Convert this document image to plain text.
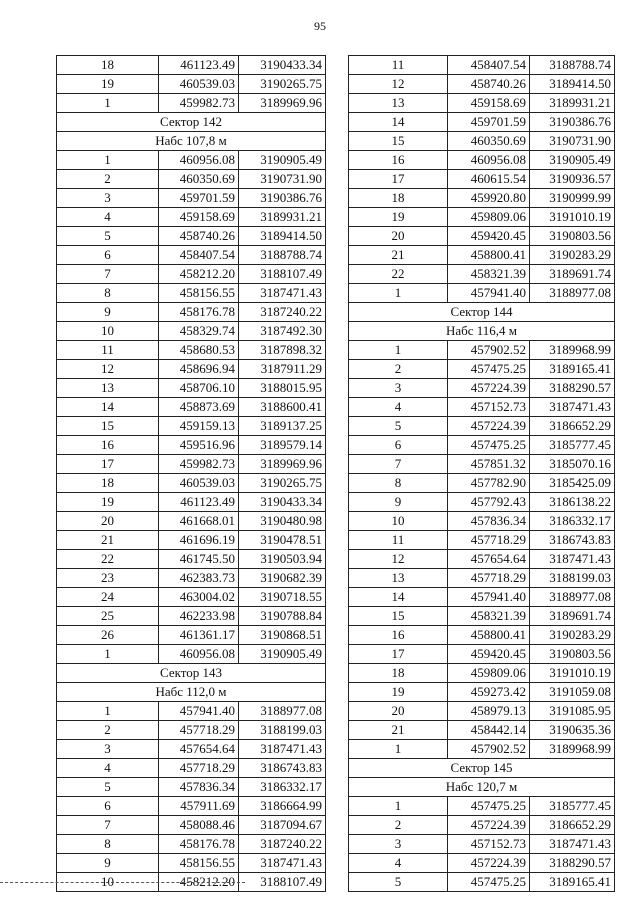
95
18	461123.49	3190433.34
19	460539.03	3190265.75
1	459982.73	3189969.96
Сектор 142		
Набс 107,8 м		
1	460956.08	3190905.49
2	460350.69	3190731.90
3	459701.59	3190386.76
4	459158.69	3189931.21
5	458740.26	3189414.50
6	458407.54	3188788.74
7	458212.20	3188107.49
8	458156.55	3187471.43
9	458176.78	3187240.22
10	458329.74	3187492.30
11	458680.53	3187898.32
12	458696.94	3187911.29
13	458706.10	3188015.95
14	458873.69	3188600.41
15	459159.13	3189137.25
16	459516.96	3189579.14
17	459982.73	3189969.96
18	460539.03	3190265.75
19	461123.49	3190433.34
20	461668.01	3190480.98
21	461696.19	3190478.51
22	461745.50	3190503.94
23	462383.73	3190682.39
24	463004.02	3190718.55
25	462233.98	3190788.84
26	461361.17	3190868.51
1	460956.08	3190905.49
Сектор 143		
Набс 112,0 м		
1	457941.40	3188977.08
2	457718.29	3188199.03
3	457654.64	3187471.43
4	457718.29	3186743.83
5	457836.34	3186332.17
6	457911.69	3186664.99
7	458088.46	3187094.67
8	458176.78	3187240.22
9	458156.55	3187471.43
10	458212.20	3188107.49
11	458407.54	3188788.74
12	458740.26	3189414.50
13	459158.69	3189931.21
14	459701.59	3190386.76
15	460350.69	3190731.90
16	460956.08	3190905.49
17	460615.54	3190936.57
18	459920.80	3190999.99
19	459809.06	3191010.19
20	459420.45	3190803.56
21	458800.41	3190283.29
22	458321.39	3189691.74
1	457941.40	3188977.08
Сектор 144		
Набс 116,4 м		
1	457902.52	3189968.99
2	457475.25	3189165.41
3	457224.39	3188290.57
4	457152.73	3187471.43
5	457224.39	3186652.29
6	457475.25	3185777.45
7	457851.32	3185070.16
8	457782.90	3185425.09
9	457792.43	3186138.22
10	457836.34	3186332.17
11	457718.29	3186743.83
12	457654.64	3187471.43
13	457718.29	3188199.03
14	457941.40	3188977.08
15	458321.39	3189691.74
16	458800.41	3190283.29
17	459420.45	3190803.56
18	459809.06	3191010.19
19	459273.42	3191059.08
20	458979.13	3191085.95
21	458442.14	3190635.36
1	457902.52	3189968.99
Сектор 145		
Набс 120,7 м		
1	457475.25	3185777.45
2	457224.39	3186652.29
3	457152.73	3187471.43
4	457224.39	3188290.57
5	457475.25	3189165.41
